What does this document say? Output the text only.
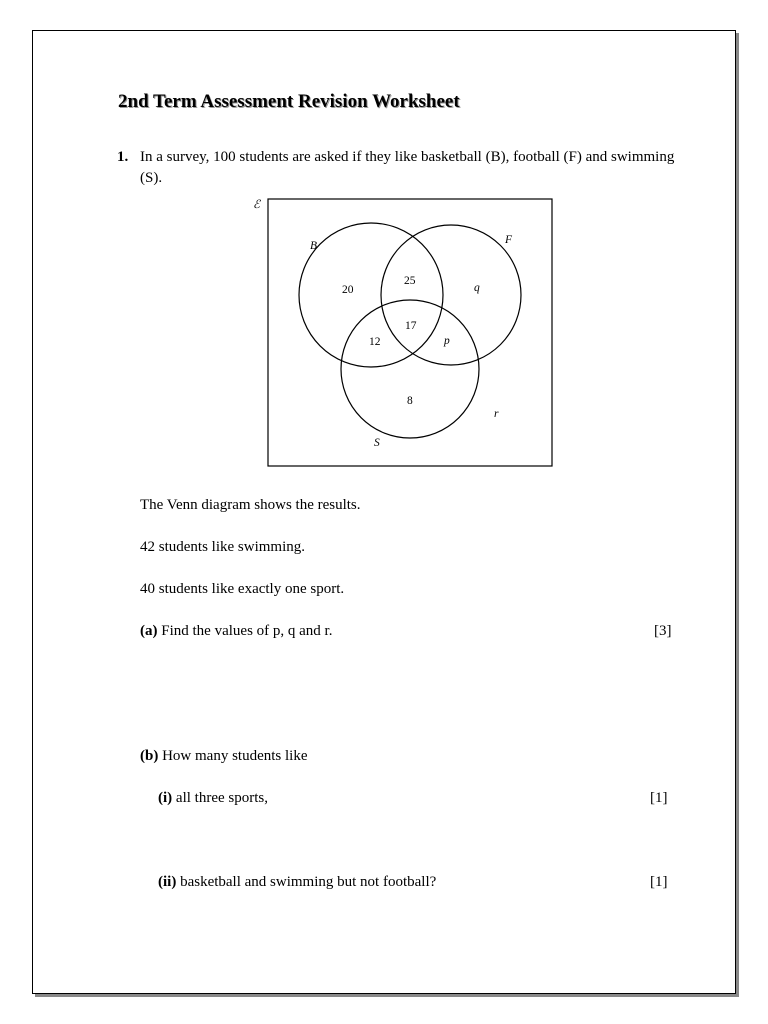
2nd Term Assessment Revision Worksheet
1. In a survey, 100 students are asked if they like basketball (B), football (F) and swimming (S).
ℰ
B	F
S
20
25
q
17
12	p
8
r
The Venn diagram shows the results.
42 students like swimming.
40 students like exactly one sport.
(a) Find the values of p, q and r.	[3]
(b) How many students like
(i) all three sports,	[1]
(ii) basketball and swimming but not football?	[1]
